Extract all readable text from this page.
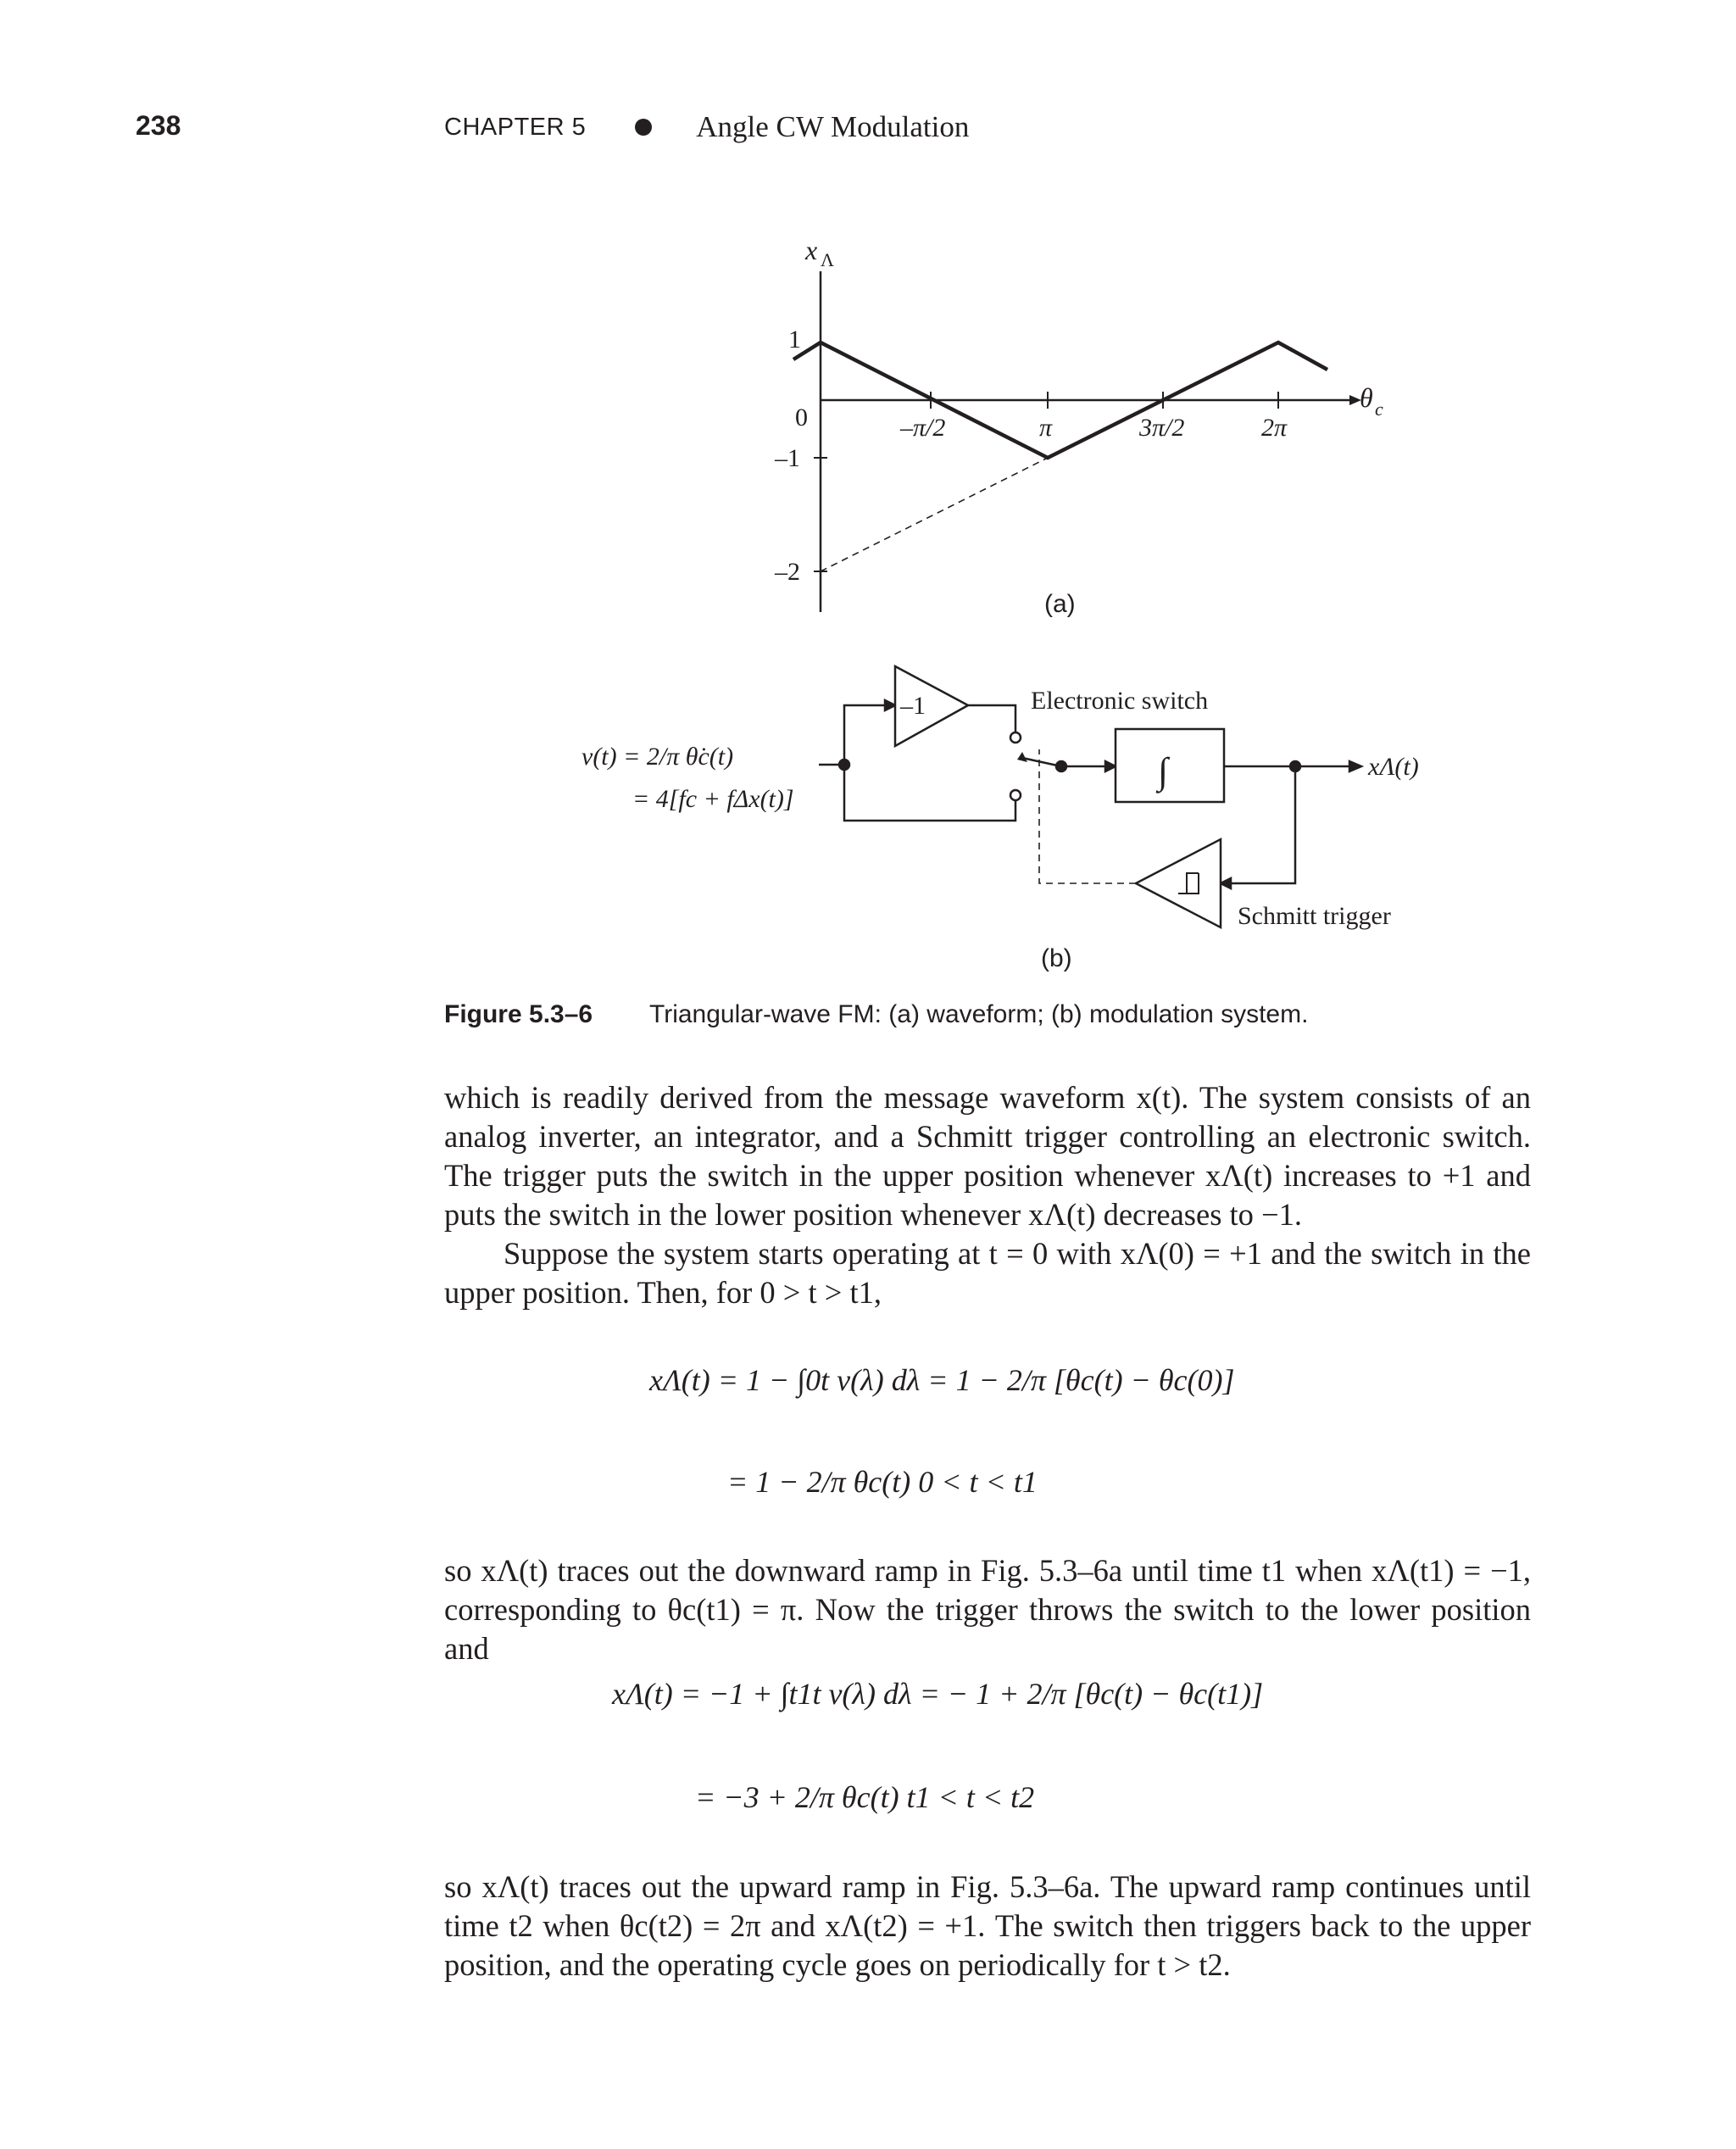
238	CHAPTER 5	Angle CW Modulation
x Λ
θ c
1
0
–1
–2
–π/2	π	3π/2	2π
(a)
–1	Electronic switch
∫	xΛ(t)
Schmitt trigger
v(t) = 2/π θ̇c(t)
= 4[fc + fΔx(t)]
(b)
Figure 5.3–6 Triangular-wave FM: (a) waveform; (b) modulation system.
which is readily derived from the message waveform x(t). The system consists of an analog inverter, an integrator, and a Schmitt trigger controlling an electronic switch. The trigger puts the switch in the upper position whenever xΛ(t) increases to +1 and puts the switch in the lower position whenever xΛ(t) decreases to −1.
Suppose the system starts operating at t = 0 with xΛ(0) = +1 and the switch in the upper position. Then, for 0 > t > t1,
xΛ(t) = 1 − ∫0t v(λ) dλ = 1 − 2/π [θc(t) − θc(0)]
= 1 − 2/π θc(t) 0 < t < t1
xΛ(t) = −1 + ∫t1t v(λ) dλ = − 1 + 2/π [θc(t) − θc(t1)]
= −3 + 2/π θc(t) t1 < t < t2
so xΛ(t) traces out the downward ramp in Fig. 5.3–6a until time t1 when xΛ(t1) = −1, corresponding to θc(t1) = π. Now the trigger throws the switch to the lower position and
so xΛ(t) traces out the upward ramp in Fig. 5.3–6a. The upward ramp continues until time t2 when θc(t2) = 2π and xΛ(t2) = +1. The switch then triggers back to the upper position, and the operating cycle goes on periodically for t > t2.
